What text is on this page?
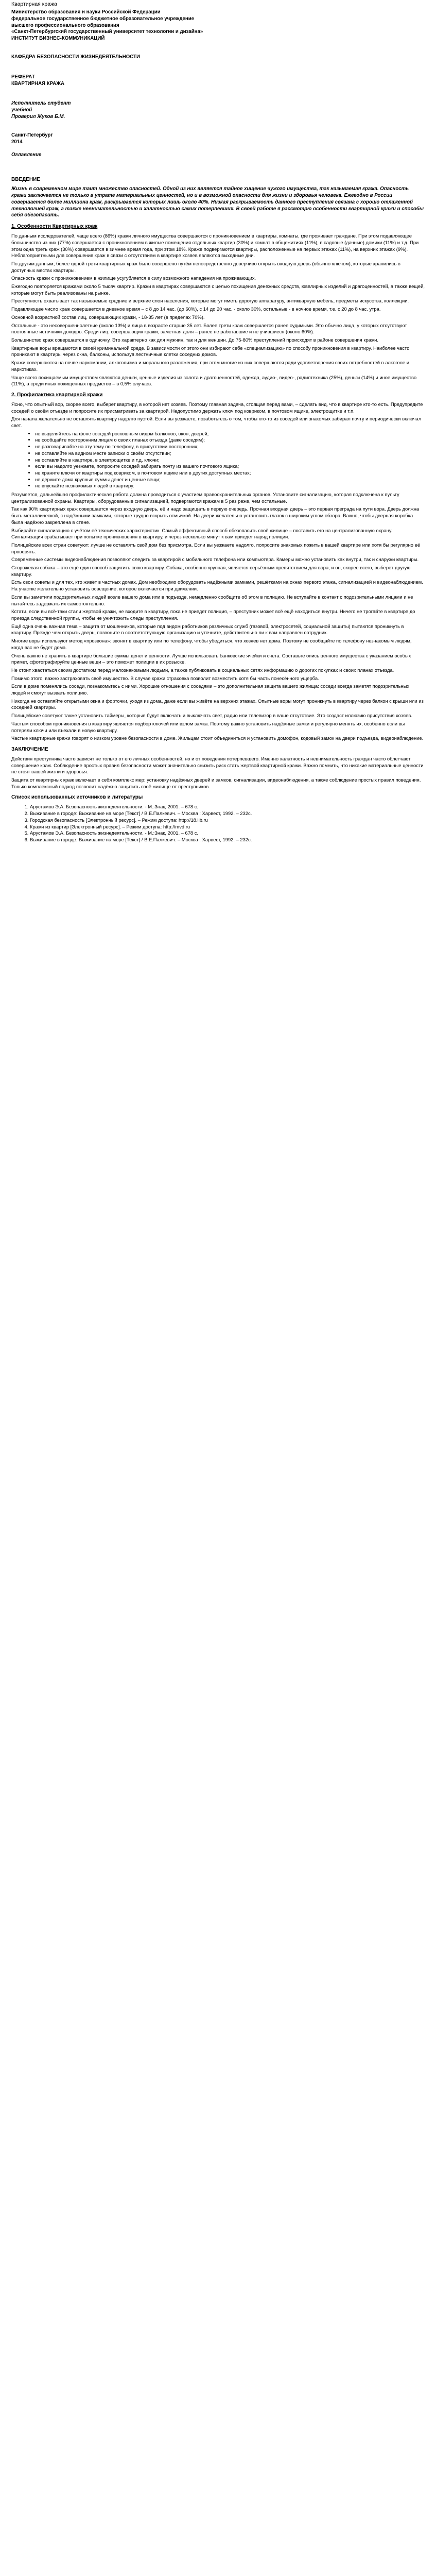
Квартирная кража
Министерство образования и науки Российской Федерации
федеральное государственное бюджетное образовательное учреждение
высшего профессионального образования
«Санкт-Петербургский государственный университет технологии и дизайна»
ИНСТИТУТ БИЗНЕС-КОММУНИКАЦИЙ
КАФЕДРА БЕЗОПАСНОСТИ ЖИЗНЕДЕЯТЕЛЬНОСТИ
РЕФЕРАТ
КВАРТИРНАЯ КРАЖА
Исполнитель студент
учебной
Проверил Жуков Б.М.
Санкт-Петербург
2014
Оглавление
ВВЕДЕНИЕ

Жизнь в современном мире таит множество опасностей. Одной из них является тайное хищение чужого имущества, так называемая кража. Опасность кражи заключается не только в утрате материальных ценностей, но и в возможной опасности для жизни и здоровья человека. Ежегодно в России совершается более миллиона краж, раскрывается которых лишь около 40%. Низкая раскрываемость данного преступления связана с хорошо отлаженной технологией краж, а также невнимательностью и халатностью самих потерпевших. В своей работе я рассмотрю особенности квартирной кражи и способы себя обезопасить.

1. Особенности Квартирных краж

По данным исследователей, чаще всего (86%) кражи личного имущества совершаются с проникновением в квартиры, комнаты, где проживает граждане. При этом подавляющее большинство из них (77%) совершается с проникновением в жилые помещения отдельных квартир (30%) и комнат в общежитиях (11%), в садовые (дачные) домики (11%) и т.д. При этом одна треть краж (30%) совершается в зимнее время года, при этом 18%. Краже подвергаются квартиры, расположенные на первых этажах (11%), на верхних этажах (9%). Неблагоприятными для совершения краж в связи с отсутствием в квартире хозяев являются выходные дни.

По другим данным, более одной трети квартирных краж было совершено путём непосредственно доверчиво открыть входную дверь (обычно ключом), которые хранились в доступных местах квартиры.

Опасность кражи с проникновением в жилище усугубляется в силу возможного нападения на проживающих.

Ежегодно повторяется кражами около 5 тысяч квартир. Кражи в квартирах совершаются с целью похищения денежных средств, ювелирных изделий и драгоценностей, а также вещей, которые могут быть реализованы на рынке.

Преступность охватывает так называемые средние и верхние слои населения, которые могут иметь дорогую аппаратуру, антикварную мебель, предметы искусства, коллекции.

Подавляющее число краж совершается в дневное время – с 8 до 14 час. (до 60%), с 14 до 20 час. - около 30%, остальные - в ночное время, т.е. с 20 до 8 час. утра.

Основной возрастной состав лиц, совершающих кражи, - 18-35 лет (в пределах 70%).

Остальные - это несовершеннолетние (около 13%) и лица в возрасте старше 35 лет. Более трети краж совершается ранее судимыми. Это обычно лица, у которых отсутствуют постоянные источники доходов. Среди лиц, совершающих кражи, заметная доля – ранее не работавшие и не учившиеся (около 60%).

Большинство краж совершается в одиночку. Это характерно как для мужчин, так и для женщин. До 75-80% преступлений происходят в районе совершения кражи.

Квартирные воры вращаются в своей криминальной среде. В зависимости от этого они избирают себе «специализацию» по способу проникновения в квартиру. Наиболее часто проникают в квартиры через окна, балконы, используя лестничные клетки соседних домов.

Кражи совершаются на почве наркомании, алкоголизма и морального разложения, при этом многие из них совершаются ради удовлетворения своих потребностей в алкоголе и наркотиках.

Чаще всего похищаемым имуществом являются деньги, ценные изделия из золота и драгоценностей, одежда, аудио-, видео-, радиотехника (25%), деньги (14%) и иное имущество (11%), а среди иных похищенных предметов – в 0,5% случаев.

2. Профилактика квартирной кражи

Ясно, что опытный вор, скорее всего, выберет квартиру, в которой нет хозяев. Поэтому главная задача, стоящая перед вами, – сделать вид, что в квартире кто-то есть. Предупредите соседей о своём отъезде и попросите их присматривать за квартирой. Недопустимо держать ключ под ковриком, в почтовом ящике, электрощитке и т.п.

Для начала желательно не оставлять квартиру надолго пустой. Если вы уезжаете, позаботьтесь о том, чтобы кто-то из соседей или знакомых забирал почту и периодически включал свет.

• не выделяйтесь на фоне соседей роскошным видом балконов, окон, дверей;
• не сообщайте посторонним лицам о своих планах отъезда (даже соседям);
• не разговаривайте на эту тему по телефону, в присутствии посторонних;
• не оставляйте на видном месте записки о своём отсутствии;
• не оставляйте в квартире, в электрощитке и т.д. ключи;
• если вы надолго уезжаете, попросите соседей забирать почту из вашего почтового ящика;
• не храните ключи от квартиры под ковриком, в почтовом ящике или в других доступных местах;
• не держите дома крупные суммы денег и ценные вещи;
• не впускайте незнакомых людей в квартиру.

Разумеется, дальнейшая профилактическая работа должна проводиться с участием правоохранительных органов. Установите сигнализацию, которая подключена к пульту централизованной охраны. Квартиры, оборудованные сигнализацией, подвергаются кражам в 5 раз реже, чем остальные.

Так как 90% квартирных краж совершается через входную дверь, её и надо защищать в первую очередь. Прочная входная дверь – это первая преграда на пути вора. Дверь должна быть металлической, с надёжными замками, которые трудно вскрыть отмычкой. На двери желательно установить глазок с широким углом обзора. Важно, чтобы дверная коробка была надёжно закреплена в стене.

Выбирайте сигнализацию с учётом её технических характеристик. Самый эффективный способ обезопасить своё жилище – поставить его на централизованную охрану. Сигнализация срабатывает при попытке проникновения в квартиру, и через несколько минут к вам приедет наряд полиции.

Полицейские всех стран советуют: лучше не оставлять свой дом без присмотра. Если вы уезжаете надолго, попросите знакомых пожить в вашей квартире или хотя бы регулярно её проверять.

Современные системы видеонаблюдения позволяют следить за квартирой с мобильного телефона или компьютера. Камеры можно установить как внутри, так и снаружи квартиры.

Сторожевая собака – это ещё один способ защитить свою квартиру. Собака, особенно крупная, является серьёзным препятствием для вора, и он, скорее всего, выберет другую квартиру.

Есть свои советы и для тех, кто живёт в частных домах. Дом необходимо оборудовать надёжными замками, решётками на окнах первого этажа, сигнализацией и видеонаблюдением. На участке желательно установить освещение, которое включается при движении.

Если вы заметили подозрительных людей возле вашего дома или в подъезде, немедленно сообщите об этом в полицию. Не вступайте в контакт с подозрительными лицами и не пытайтесь задержать их самостоятельно.

Кстати, если вы всё-таки стали жертвой кражи, не входите в квартиру, пока не приедет полиция, – преступник может всё ещё находиться внутри. Ничего не трогайте в квартире до приезда следственной группы, чтобы не уничтожить следы преступления.

Ещё одна очень важная тема – защита от мошенников, которые под видом работников различных служб (газовой, электросетей, социальной защиты) пытаются проникнуть в квартиру. Прежде чем открыть дверь, позвоните в соответствующую организацию и уточните, действительно ли к вам направлен сотрудник.

Многие воры используют метод «прозвона»: звонят в квартиру или по телефону, чтобы убедиться, что хозяев нет дома. Поэтому не сообщайте по телефону незнакомым людям, когда вас не будет дома.

Очень важно не хранить в квартире большие суммы денег и ценности. Лучше использовать банковские ячейки и счета. Составьте опись ценного имущества с указанием особых примет, сфотографируйте ценные вещи – это поможет полиции в их розыске.

Не стоит хвастаться своим достатком перед малознакомыми людьми, а также публиковать в социальных сетях информацию о дорогих покупках и своих планах отъезда.

Помимо этого, важно застраховать своё имущество. В случае кражи страховка позволит возместить хотя бы часть понесённого ущерба.

Если в доме поменялись соседи, познакомьтесь с ними. Хорошие отношения с соседями – это дополнительная защита вашего жилища: соседи всегда заметят подозрительных людей и смогут вызвать полицию.

Никогда не оставляйте открытыми окна и форточки, уходя из дома, даже если вы живёте на верхних этажах. Опытные воры могут проникнуть в квартиру через балкон с крыши или из соседней квартиры.

Полицейские советуют также установить таймеры, которые будут включать и выключать свет, радио или телевизор в ваше отсутствие. Это создаст иллюзию присутствия хозяев.

Частым способом проникновения в квартиру является подбор ключей или взлом замка. Поэтому важно установить надёжные замки и регулярно менять их, особенно если вы потеряли ключи или въехали в новую квартиру.

Частые квартирные кражи говорят о низком уровне безопасности в доме. Жильцам стоит объединиться и установить домофон, кодовый замок на двери подъезда, видеонаблюдение.

ЗАКЛЮЧЕНИЕ

Действия преступника часто зависят не только от его личных особенностей, но и от поведения потерпевшего. Именно халатность и невнимательность граждан часто облегчают совершение краж. Соблюдение простых правил безопасности может значительно снизить риск стать жертвой квартирной кражи. Важно помнить, что никакие материальные ценности не стоят вашей жизни и здоровья.

Защита от квартирных краж включает в себя комплекс мер: установку надёжных дверей и замков, сигнализации, видеонаблюдения, а также соблюдение простых правил поведения. Только комплексный подход позволит надёжно защитить своё жилище от преступников.

Список использованных источников и литературы
1. Арустамов Э.А. Безопасность жизнедеятельности. - М.:Знак, 2001. – 678 с.
2. Выживание в городе: Выживание на море [Текст] / В.Е.Палкевич. – Москва : Харвест, 1992. – 232с.
3. Городская безопасность [Электронный ресурс]. – Режим доступа: http://18.lib.ru
4. Кражи из квартир [Электронный ресурс]. – Режим доступа: http://mvd.ru
5. Арустамов Э.А. Безопасность жизнедеятельности. - М.:Знак, 2001. – 678 с.
6. Выживание в городе: Выживание на море [Текст] / В.Е.Палкевич. – Москва : Харвест, 1992. – 232с.
